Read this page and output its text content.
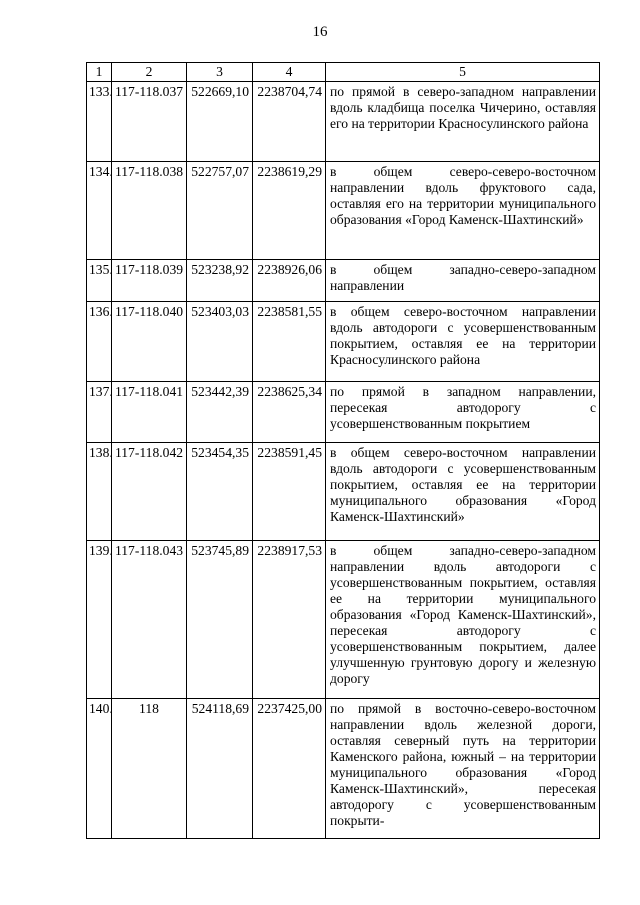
16
1	2	3	4	5
133.	117-118.037	522669,10	2238704,74	по прямой в северо-западном направлении вдоль кладбища поселка Чичерино, оставляя его на территории Красносулинского района
134.	117-118.038	522757,07	2238619,29	в общем северо-северо-восточном направлении вдоль фруктового сада, оставляя его на территории муниципального образования «Город Каменск-Шахтинский»
135.	117-118.039	523238,92	2238926,06	в общем западно-северо-западном направлении
136.	117-118.040	523403,03	2238581,55	в общем северо-восточном направлении вдоль автодороги с усовершенствованным покрытием, оставляя ее на территории Красносулинского района
137.	117-118.041	523442,39	2238625,34	по прямой в западном направлении, пересекая автодорогу с усовершенствованным покрытием
138.	117-118.042	523454,35	2238591,45	в общем северо-восточном направлении вдоль автодороги с усовершенствованным покрытием, оставляя ее на территории муниципального образования «Город Каменск-Шахтинский»
139.	117-118.043	523745,89	2238917,53	в общем западно-северо-западном направлении вдоль автодороги с усовершенствованным покрытием, оставляя ее на территории муниципального образования «Город Каменск-Шахтинский», пересекая автодорогу с усовершенствованным покрытием, далее улучшенную грунтовую дорогу и железную дорогу
140.	118	524118,69	2237425,00	по прямой в восточно-северо-восточном направлении вдоль железной дороги, оставляя северный путь на территории Каменского района, южный – на территории муниципального образования «Город Каменск-Шахтинский», пересекая автодорогу с усовершенствованным покрыти-
